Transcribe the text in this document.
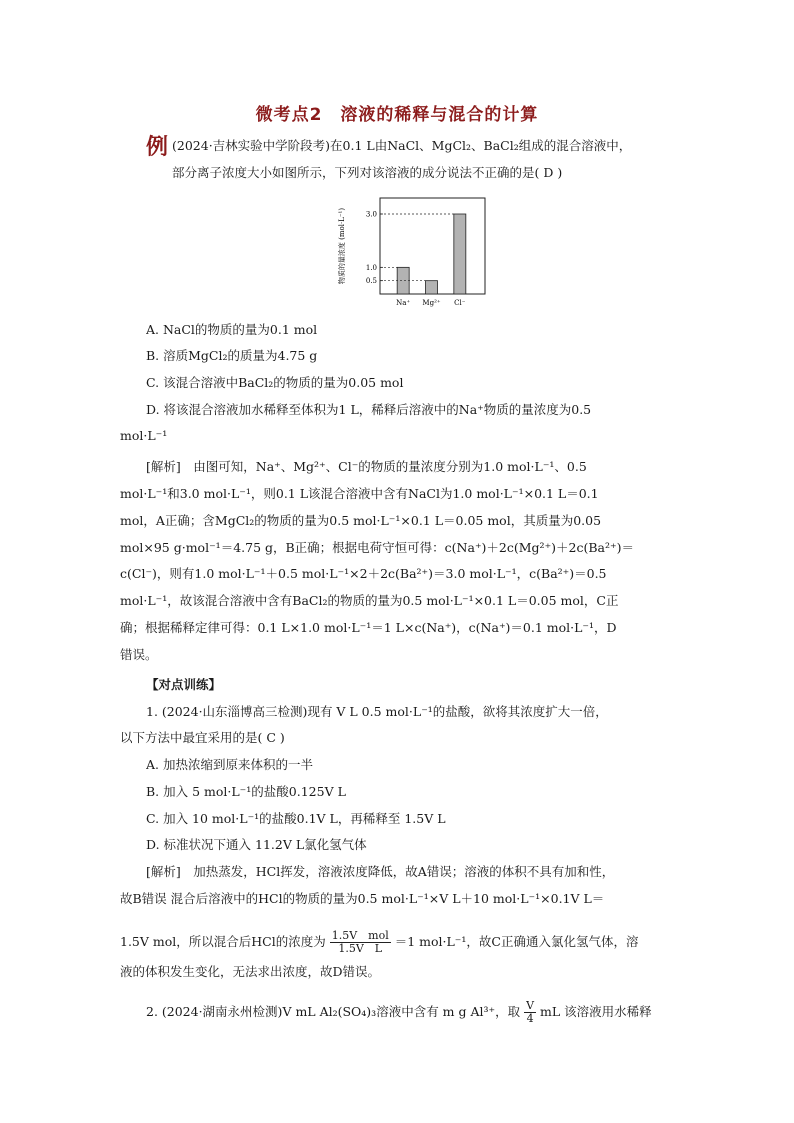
微考点2　溶液的稀释与混合的计算
例 (2024·吉林实验中学阶段考)在0.1 L由NaCl、MgCl₂、BaCl₂组成的混合溶液中，
部分离子浓度大小如图所示，下列对该溶液的成分说法不正确的是( D )
物质的量浓度 (mol·L⁻¹)
Na⁺ Mg²⁺ Cl⁻
0.5
1.0
3.0
A. NaCl的物质的量为0.1 mol
B. 溶质MgCl₂的质量为4.75 g
C. 该混合溶液中BaCl₂的物质的量为0.05 mol
D. 将该混合溶液加水稀释至体积为1 L，稀释后溶液中的Na⁺物质的量浓度为0.5
mol·L⁻¹
[解析]　由图可知，Na⁺、Mg²⁺、Cl⁻的物质的量浓度分别为1.0 mol·L⁻¹、0.5
mol·L⁻¹和3.0 mol·L⁻¹，则0.1 L该混合溶液中含有NaCl为1.0 mol·L⁻¹×0.1 L＝0.1
mol，A正确；含MgCl₂的物质的量为0.5 mol·L⁻¹×0.1 L＝0.05 mol，其质量为0.05
mol×95 g·mol⁻¹＝4.75 g，B正确；根据电荷守恒可得：c(Na⁺)＋2c(Mg²⁺)＋2c(Ba²⁺)＝
c(Cl⁻)，则有1.0 mol·L⁻¹＋0.5 mol·L⁻¹×2＋2c(Ba²⁺)＝3.0 mol·L⁻¹，c(Ba²⁺)＝0.5
mol·L⁻¹，故该混合溶液中含有BaCl₂的物质的量为0.5 mol·L⁻¹×0.1 L＝0.05 mol，C正
确；根据稀释定律可得：0.1 L×1.0 mol·L⁻¹＝1 L×c(Na⁺)，c(Na⁺)＝0.1 mol·L⁻¹，D
错误。
【对点训练】
1. (2024·山东淄博高三检测)现有 V L 0.5 mol·L⁻¹的盐酸，欲将其浓度扩大一倍，
以下方法中最宜采用的是( C )
A. 加热浓缩到原来体积的一半
B. 加入 5 mol·L⁻¹的盐酸0.125V L
C. 加入 10 mol·L⁻¹的盐酸0.1V L，再稀释至 1.5V L
D. 标准状况下通入 11.2V L氯化氢气体
[解析]　加热蒸发，HCl挥发，溶液浓度降低，故A错误；溶液的体积不具有加和性，
故B错误 混合后溶液中的HCl的物质的量为0.5 mol·L⁻¹×V L＋10 mol·L⁻¹×0.1V L＝
1.5V mol，所以混合后HCl的浓度为 $\frac{\text{1.5V　mol}}{\text{1.5V　L}} =1$ mol·L⁻¹，故C正确通入氯化氢气体，溶
液的体积发生变化，无法求出浓度，故D错误。
2. (2024·湖南永州检测)V mL Al₂(SO₄)₃溶液中含有 m g Al³⁺，取 $\frac{V}{4}$ mL 该溶液用水稀释
